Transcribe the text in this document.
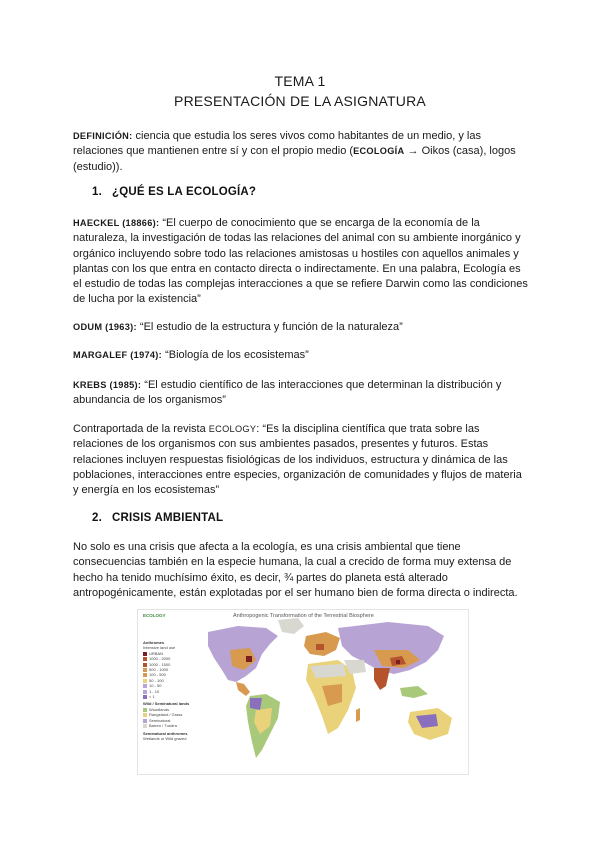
TEMA 1
PRESENTACIÓN DE LA ASIGNATURA

DEFINICIÓN: ciencia que estudia los seres vivos como habitantes de un medio, y las relaciones que mantienen entre sí y con el propio medio (ECOLOGÍA → Oikos (casa), logos (estudio)).

1. ¿QUÉ ES LA ECOLOGÍA?

HAECKEL (18866): “El cuerpo de conocimiento que se encarga de la economía de la naturaleza, la investigación de todas las relaciones del animal con su ambiente inorgánico y orgánico incluyendo sobre todo las relaciones amistosas u hostiles con aquellos animales y plantas con los que entra en contacto directa o indirectamente. En una palabra, Ecología es el estudio de todas las complejas interacciones a que se refiere Darwin como las condiciones de lucha por la existencia”

ODUM (1963): “El estudio de la estructura y función de la naturaleza”

MARGALEF (1974): “Biología de los ecosistemas”

KREBS (1985): “El estudio científico de las interacciones que determinan la distribución y abundancia de los organismos”

Contraportada de la revista ECOLOGY: “Es la disciplina científica que trata sobre las relaciones de los organismos con sus ambientes pasados, presentes y futuros. Estas relaciones incluyen respuestas fisiológicas de los individuos, estructura y dinámica de las poblaciones, interacciones entre especies, organización de comunidades y flujos de materia y energía en los ecosistemas”

2. CRISIS AMBIENTAL

No solo es una crisis que afecta a la ecología, es una crisis ambiental que tiene consecuencias también en la especie humana, la cual a crecido de forma muy extensa de hecho ha tenido muchísimo éxito, es decir, ¾ partes do planeta está alterado antropogénicamente, están explotadas por el ser humano bien de forma directa o indirecta.

ECOLOGY	Anthropogenic Transformation of the Terrestrial Biosphere
Anthromes
Intensive land use
URBAN
1000 - 2000
1000 - 1500
500 - 1000
100 - 500
50 - 100
10 - 50
1 - 10
< 1
Wild / Seminatural lands
Woodlands
Rangeland / Grass
Seminatural
Barren / Tundra
Seminatural anthromes
Wetlands or Wild grazed
